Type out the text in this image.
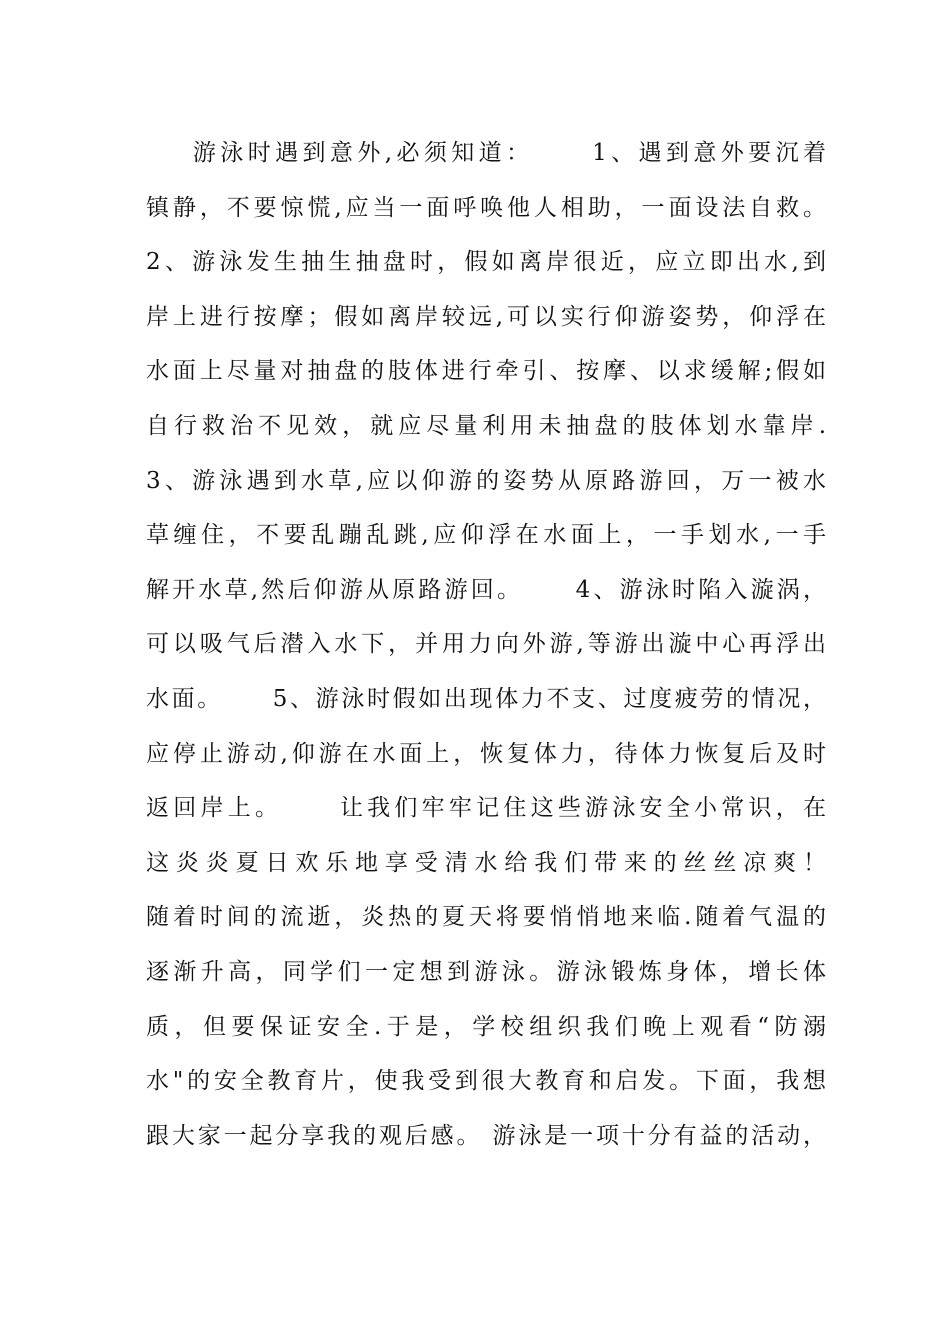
游泳时遇到意外,必须知道：     1、遇到意外要沉着
镇静，不要惊慌,应当一面呼唤他人相助，一面设法自救。
2、游泳发生抽生抽盘时，假如离岸很近，应立即出水,到
岸上进行按摩；假如离岸较远,可以实行仰游姿势，仰浮在
水面上尽量对抽盘的肢体进行牵引、按摩、以求缓解;假如
自行救治不见效，就应尽量利用未抽盘的肢体划水靠岸.
3、游泳遇到水草,应以仰游的姿势从原路游回，万一被水
草缠住，不要乱蹦乱跳,应仰浮在水面上，一手划水,一手
解开水草,然后仰游从原路游回。     4、游泳时陷入漩涡，
可以吸气后潜入水下，并用力向外游,等游出漩中心再浮出
水面。     5、游泳时假如出现体力不支、过度疲劳的情况，
应停止游动,仰游在水面上，恢复体力，待体力恢复后及时
返回岸上。     让我们牢牢记住这些游泳安全小常识，在
这炎炎夏日欢乐地享受清水给我们带来的丝丝凉爽！
随着时间的流逝，炎热的夏天将要悄悄地来临.随着气温的
逐渐升高，同学们一定想到游泳。游泳锻炼身体，增长体
质，但要保证安全.于是，学校组织我们晚上观看“防溺
水"的安全教育片，使我受到很大教育和启发。下面，我想
跟大家一起分享我的观后感。 游泳是一项十分有益的活动，
